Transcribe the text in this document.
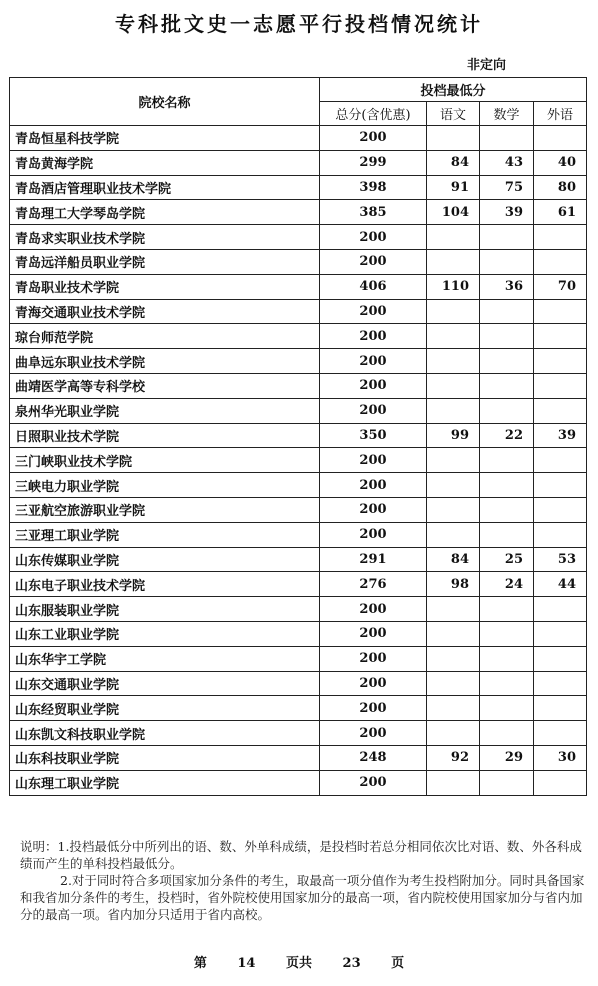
专科批文史一志愿平行投档情况统计
非定向
院校名称	投档最低分			
	总分(含优惠)	语文	数学	外语
青岛恒星科技学院	200			
青岛黄海学院	299	84	43	40
青岛酒店管理职业技术学院	398	91	75	80
青岛理工大学琴岛学院	385	104	39	61
青岛求实职业技术学院	200			
青岛远洋船员职业学院	200			
青岛职业技术学院	406	110	36	70
青海交通职业技术学院	200			
琼台师范学院	200			
曲阜远东职业技术学院	200			
曲靖医学高等专科学校	200			
泉州华光职业学院	200			
日照职业技术学院	350	99	22	39
三门峡职业技术学院	200			
三峡电力职业学院	200			
三亚航空旅游职业学院	200			
三亚理工职业学院	200			
山东传媒职业学院	291	84	25	53
山东电子职业技术学院	276	98	24	44
山东服装职业学院	200			
山东工业职业学院	200			
山东华宇工学院	200			
山东交通职业学院	200			
山东经贸职业学院	200			
山东凯文科技职业学院	200			
山东科技职业学院	248	92	29	30
山东理工职业学院	200			

说明：1.投档最低分中所列出的语、数、外单科成绩，是投档时若总分相同依次比对语、数、外各科成绩而产生的单科投档最低分。

2.对于同时符合多项国家加分条件的考生，取最高一项分值作为考生投档附加分。同时具备国家和我省加分条件的考生，投档时，省外院校使用国家加分的最高一项，省内院校使用国家加分与省内加分的最高一项。省内加分只适用于省内高校。

第 14 页共 23 页
